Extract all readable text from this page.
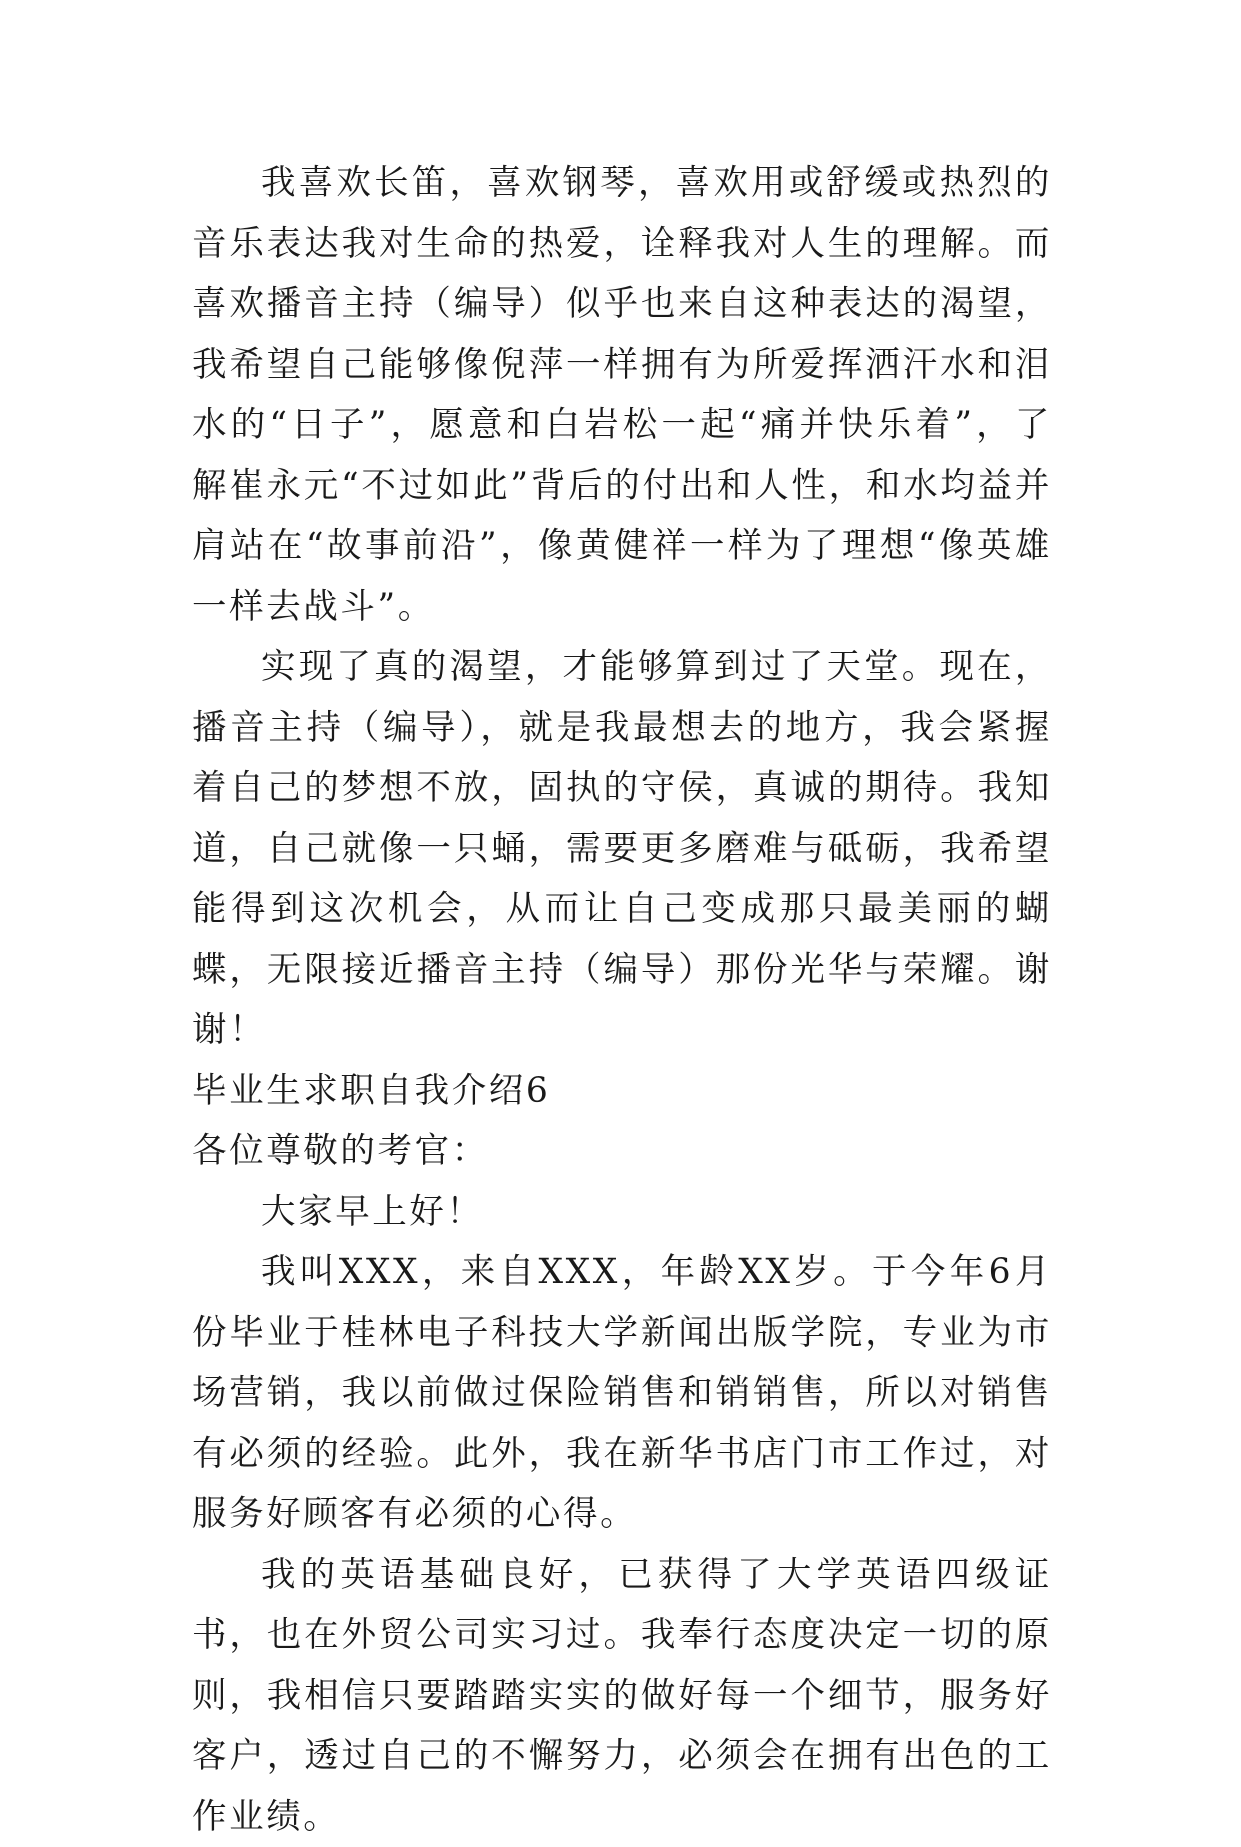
我喜欢长笛，喜欢钢琴，喜欢用或舒缓或热烈的音乐表达我对生命的热爱，诠释我对人生的理解。而喜欢播音主持（编导）似乎也来自这种表达的渴望，我希望自己能够像倪萍一样拥有为所爱挥洒汗水和泪水的“日子”，愿意和白岩松一起“痛并快乐着”，了解崔永元“不过如此”背后的付出和人性，和水均益并肩站在“故事前沿”，像黄健祥一样为了理想“像英雄一样去战斗”。

实现了真的渴望，才能够算到过了天堂。现在，播音主持（编导），就是我最想去的地方，我会紧握着自己的梦想不放，固执的守侯，真诚的期待。我知道，自己就像一只蛹，需要更多磨难与砥砺，我希望能得到这次机会，从而让自己变成那只最美丽的蝴蝶，无限接近播音主持（编导）那份光华与荣耀。谢谢！

毕业生求职自我介绍6

各位尊敬的考官：

大家早上好！

我叫XXX，来自XXX，年龄XX岁。于今年6月份毕业于桂林电子科技大学新闻出版学院，专业为市场营销，我以前做过保险销售和销销售，所以对销售有必须的经验。此外，我在新华书店门市工作过，对服务好顾客有必须的心得。

我的英语基础良好，已获得了大学英语四级证书，也在外贸公司实习过。我奉行态度决定一切的原则，我相信只要踏踏实实的做好每一个细节，服务好客户，透过自己的不懈努力，必须会在拥有出色的工作业绩。
